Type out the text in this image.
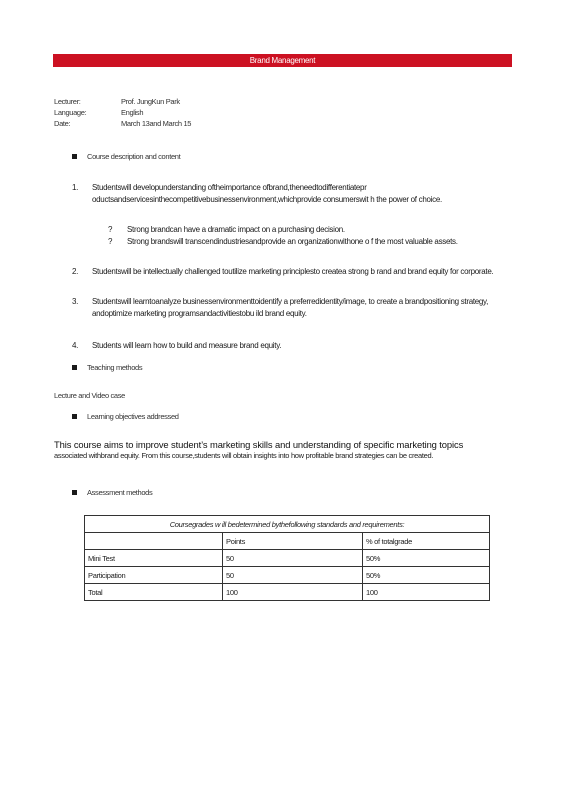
Brand Management
Lecturer:	Prof. JungKun Park
Language:	English
Date:	March 13and March 15
Course description and content
1.	Studentswill developunderstanding oftheimportance ofbrand,theneedtodifferentiatepr oductsandservicesinthecompetitivebusinessenvironment,whichprovide consumerswit h the power of choice.
? Strong brandcan have a dramatic impact on a purchasing decision.
? Strong brandswill transcendindustriesandprovide an organizationwithone o f the most valuable assets.
2.	Studentswill be intellectually challenged toutilize marketing principlesto createa strong b rand and brand equity for corporate.
3.	Studentswill learntoanalyze businessenvironmenttoidentify a preferredidentity/image, to create a brandpositioning strategy, andoptimize marketing programsandactivitiestobu ild brand equity.
4.	Students will learn how to build and measure brand equity.
Teaching methods
Lecture and Video case
Learning objectives addressed
This course aims to improve student’s marketing skills and understanding of specific marketing topics
associated withbrand equity. From this course,students will obtain insights into how profitable brand strategies can be created.
Assessment methods
Coursegrades w ill bedetermined bythefollowing standards and requirements:		
	Points	% of totalgrade
Mini Test	50	50%
Participation	50	50%
Total	100	100
